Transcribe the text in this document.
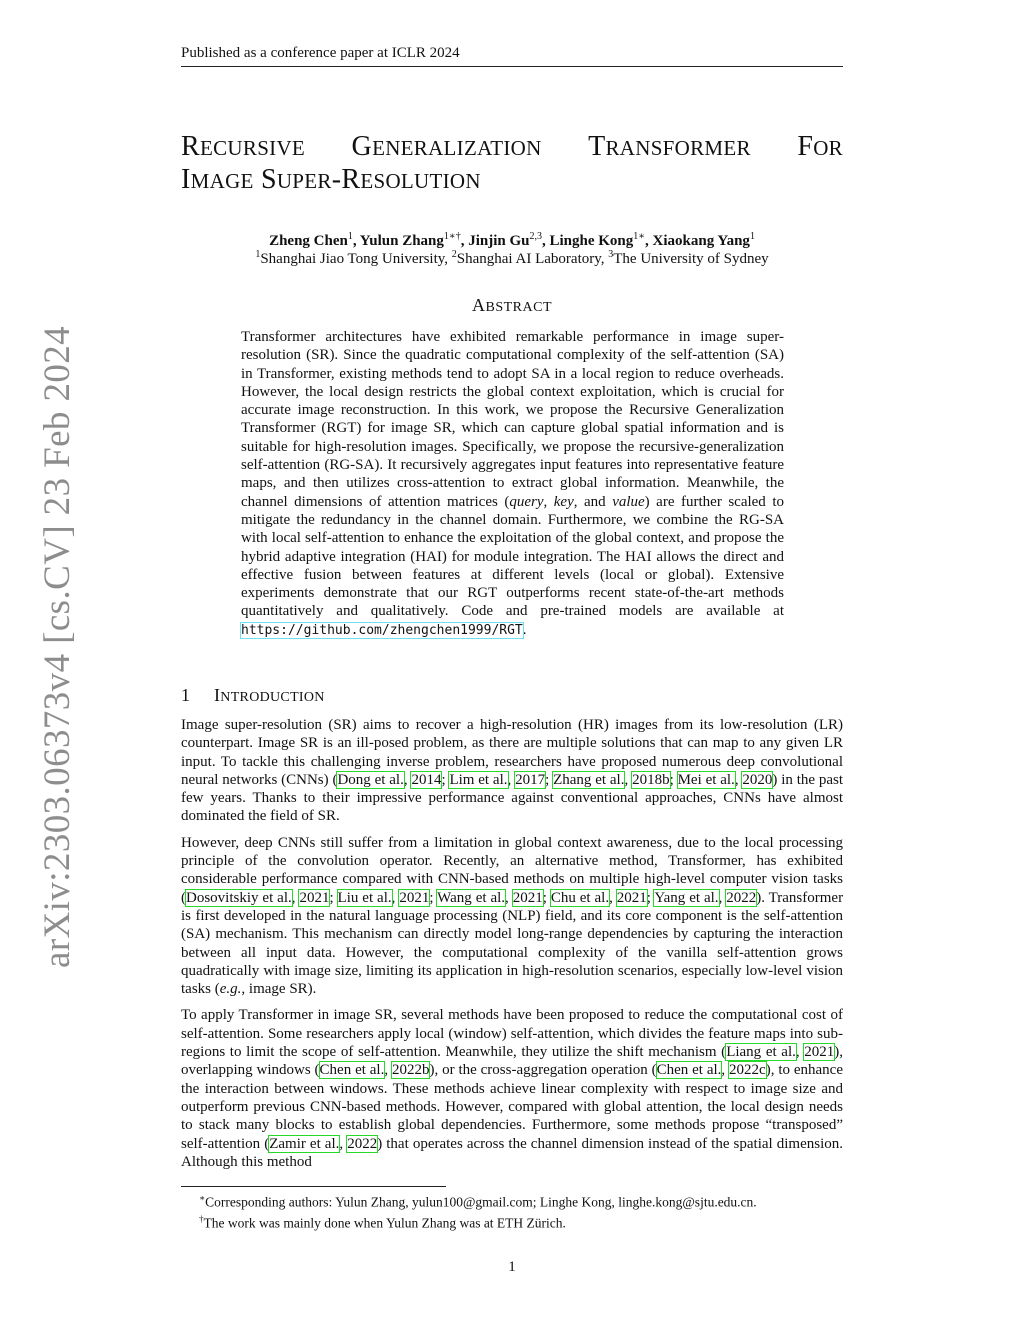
Published as a conference paper at ICLR 2024
arXiv:2303.06373v4 [cs.CV] 23 Feb 2024
RECURSIVE GENERALIZATION TRANSFORMER FOR
IMAGE SUPER-RESOLUTION
Zheng Chen$^1$, Yulun Zhang$^{1∗\dagger}$, Jinjin Gu$^{2,3}$, Linghe Kong$^{1∗}$, Xiaokang Yang$^1$
$^1$Shanghai Jiao Tong University, $^2$Shanghai AI Laboratory, $^3$The University of Sydney
ABSTRACT

Transformer architectures have exhibited remarkable performance in image super-resolution (SR). Since the quadratic computational complexity of the self-attention (SA) in Transformer, existing methods tend to adopt SA in a local region to reduce overheads. However, the local design restricts the global context exploitation, which is crucial for accurate image reconstruction. In this work, we propose the Recursive Generalization Transformer (RGT) for image SR, which can capture global spatial information and is suitable for high-resolution images. Specifically, we propose the recursive-generalization self-attention (RG-SA). It recursively aggregates input features into representative feature maps, and then utilizes cross-attention to extract global information. Meanwhile, the channel dimensions of attention matrices (query, key, and value) are further scaled to mitigate the redundancy in the channel domain. Furthermore, we combine the RG-SA with local self-attention to enhance the exploitation of the global context, and propose the hybrid adaptive integration (HAI) for module integration. The HAI allows the direct and effective fusion between features at different levels (local or global). Extensive experiments demonstrate that our RGT outperforms recent state-of-the-art methods quantitatively and qualitatively. Code and pre-trained models are available at https://github.com/zhengchen1999/RGT.

1 INTRODUCTION

Image super-resolution (SR) aims to recover a high-resolution (HR) images from its low-resolution (LR) counterpart. Image SR is an ill-posed problem, as there are multiple solutions that can map to any given LR input. To tackle this challenging inverse problem, researchers have proposed numerous deep convolutional neural networks (CNNs) (Dong et al., 2014; Lim et al., 2017; Zhang et al., 2018b; Mei et al., 2020) in the past few years. Thanks to their impressive performance against conventional approaches, CNNs have almost dominated the field of SR.

However, deep CNNs still suffer from a limitation in global context awareness, due to the local processing principle of the convolution operator. Recently, an alternative method, Transformer, has exhibited considerable performance compared with CNN-based methods on multiple high-level computer vision tasks (Dosovitskiy et al., 2021; Liu et al., 2021; Wang et al., 2021; Chu et al., 2021; Yang et al., 2022). Transformer is first developed in the natural language processing (NLP) field, and its core component is the self-attention (SA) mechanism. This mechanism can directly model long-range dependencies by capturing the interaction between all input data. However, the computational complexity of the vanilla self-attention grows quadratically with image size, limiting its application in high-resolution scenarios, especially low-level vision tasks (e.g., image SR).

To apply Transformer in image SR, several methods have been proposed to reduce the computational cost of self-attention. Some researchers apply local (window) self-attention, which divides the feature maps into sub-regions to limit the scope of self-attention. Meanwhile, they utilize the shift mechanism (Liang et al., 2021), overlapping windows (Chen et al., 2022b), or the cross-aggregation operation (Chen et al., 2022c), to enhance the interaction between windows. These methods achieve linear complexity with respect to image size and outperform previous CNN-based methods. However, compared with global attention, the local design needs to stack many blocks to establish global dependencies. Furthermore, some methods propose “transposed” self-attention (Zamir et al., 2022) that operates across the channel dimension instead of the spatial dimension. Although this method

∗Corresponding authors: Yulun Zhang, yulun100@gmail.com; Linghe Kong, linghe.kong@sjtu.edu.cn.

†The work was mainly done when Yulun Zhang was at ETH Zürich.

1
